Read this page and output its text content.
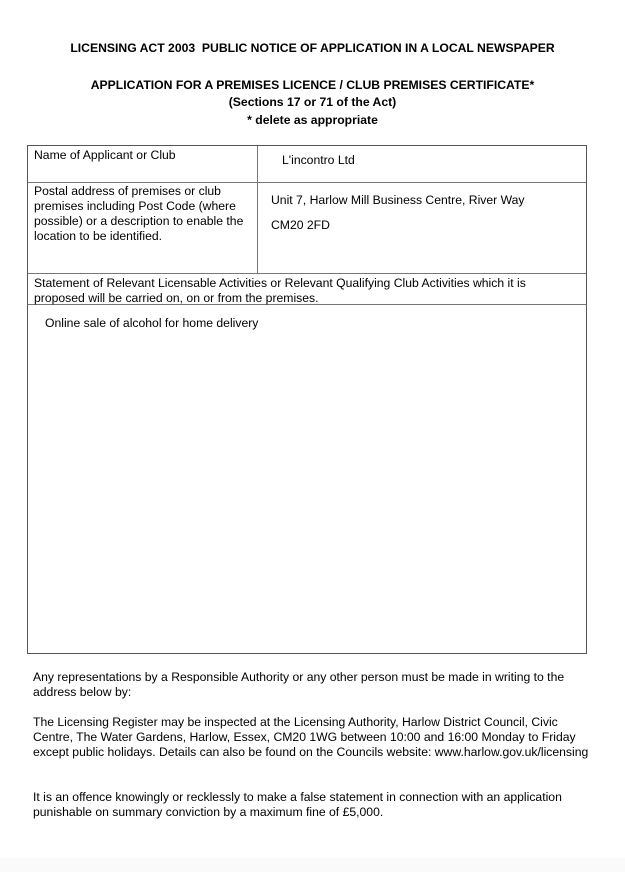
LICENSING ACT 2003  PUBLIC NOTICE OF APPLICATION IN A LOCAL NEWSPAPER
APPLICATION FOR A PREMISES LICENCE / CLUB PREMISES CERTIFICATE*
(Sections 17 or 71 of the Act)
* delete as appropriate
Name of Applicant or Club	L'incontro Ltd
Postal address of premises or club premises including Post Code (where possible) or a description to enable the location to be identified.
Unit 7, Harlow Mill Business Centre, River Way
CM20 2FD
Statement of Relevant Licensable Activities or Relevant Qualifying Club Activities which it is proposed will be carried on, on or from the premises.
Online sale of alcohol for home delivery
Any representations by a Responsible Authority or any other person must be made in writing to the address below by:
The Licensing Register may be inspected at the Licensing Authority, Harlow District Council, Civic Centre, The Water Gardens, Harlow, Essex, CM20 1WG between 10:00 and 16:00 Monday to Friday except public holidays. Details can also be found on the Councils website: www.harlow.gov.uk/licensing
It is an offence knowingly or recklessly to make a false statement in connection with an application punishable on summary conviction by a maximum fine of £5,000.
